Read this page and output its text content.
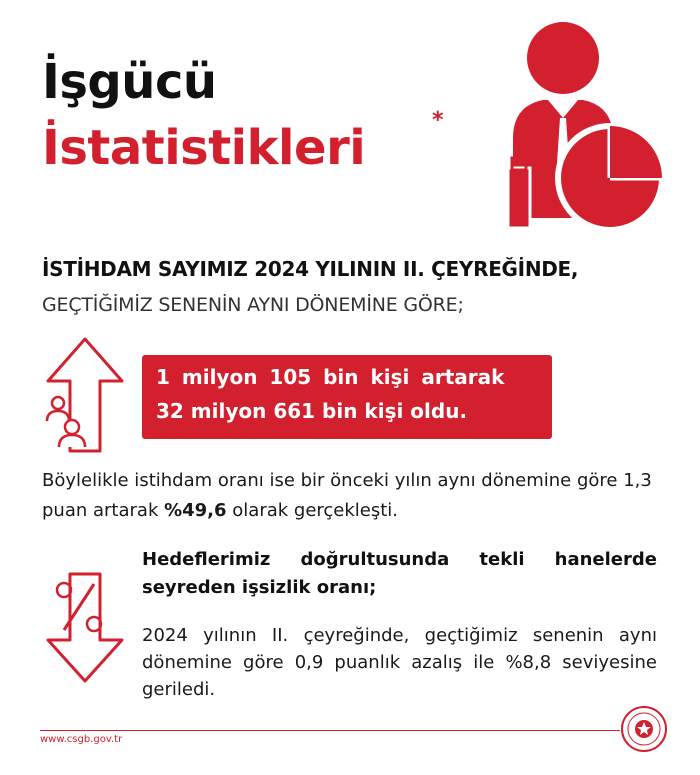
İşgücü
İstatistikleri	*
İSTİHDAM SAYIMIZ 2024 YILININ II. ÇEYREĞİNDE,
GEÇTİĞİMİZ SENENİN AYNI DÖNEMİNE GÖRE;
1 milyon 105 bin kişi artarak
32 milyon 661 bin kişi oldu.
Böylelikle istihdam oranı ise bir önceki yılın aynı dönemine göre 1,3 puan artarak %49,6 olarak gerçekleşti.
Hedeflerimiz doğrultusunda tekli hanelerde seyreden işsizlik oranı;
2024 yılının II. çeyreğinde, geçtiğimiz senenin aynı dönemine göre 0,9 puanlık azalış ile %8,8 seviyesine geriledi.
www.csgb.gov.tr
